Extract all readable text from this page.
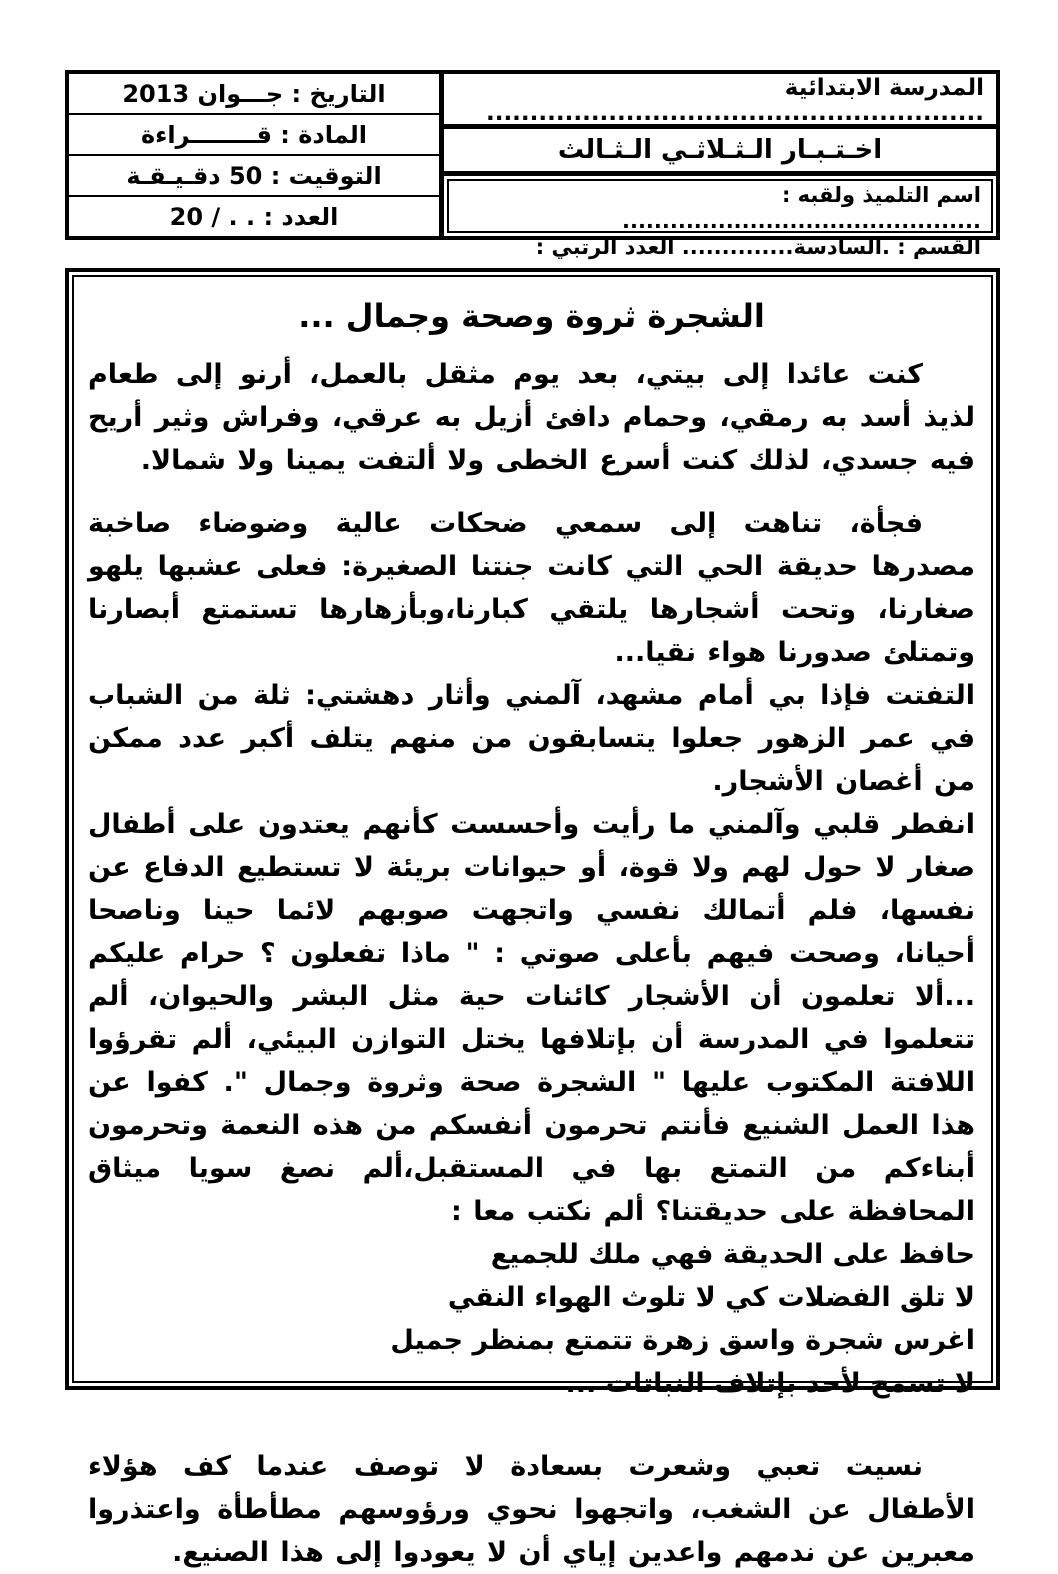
المدرسة الابتدائية .........................................................
اخـتـبـار الـثـلاثـي الـثـالث
اسم التلميذ ولقبه : .............................................
القسم : .السادسة.............. العدد الرتبي :
التاريخ : جـــوان 2013
المادة : قــــــــراءة
التوقيت : 50 دقـيـقـة
العدد : . . / 20
الشجرة ثروة وصحة وجمال ...

كنت عائدا إلى بيتي، بعد يوم مثقل بالعمل، أرنو إلى طعام لذيذ أسد به رمقي، وحمام دافئ أزيل به عرقي، وفراش وثير أريح فيه جسدي، لذلك كنت أسرع الخطى ولا ألتفت يمينا ولا شمالا.

فجأة، تناهت إلى سمعي ضحكات عالية وضوضاء صاخبة مصدرها حديقة الحي التي كانت جنتنا الصغيرة: فعلى عشبها يلهو صغارنا، وتحت أشجارها يلتقي كبارنا،وبأزهارها تستمتع أبصارنا وتمتلئ صدورنا هواء نقيا...

التفتت فإذا بي أمام مشهد، آلمني وأثار دهشتي: ثلة من الشباب في عمر الزهور جعلوا يتسابقون من منهم يتلف أكبر عدد ممكن من أغصان الأشجار.

انفطر قلبي وآلمني ما رأيت وأحسست كأنهم يعتدون على أطفال صغار لا حول لهم ولا قوة، أو حيوانات بريئة لا تستطيع الدفاع عن نفسها، فلم أتمالك نفسي واتجهت صوبهم لائما حينا وناصحا أحيانا، وصحت فيهم بأعلى صوتي : " ماذا تفعلون ؟ حرام عليكم ...ألا تعلمون أن الأشجار كائنات حية مثل البشر والحيوان، ألم تتعلموا في المدرسة أن بإتلافها يختل التوازن البيئي، ألم تقرؤوا اللافتة المكتوب عليها " الشجرة صحة وثروة وجمال ". كفوا عن هذا العمل الشنيع فأنتم تحرمون أنفسكم من هذه النعمة وتحرمون أبناءكم من التمتع بها في المستقبل،ألم نصغ سويا ميثاق المحافظة على حديقتنا؟ ألم نكتب معا :

حافظ على الحديقة فهي ملك للجميع
لا تلق الفضلات كي لا تلوث الهواء النقي
اغرس شجرة واسق زهرة تتمتع بمنظر جميل
لا تسمح لأحد بإتلاف النباتات ...

نسيت تعبي وشعرت بسعادة لا توصف عندما كف هؤلاء الأطفال عن الشغب، واتجهوا نحوي ورؤوسهم مطأطأة واعتذروا معبرين عن ندمهم واعدين إياي أن لا يعودوا إلى هذا الصنيع.
